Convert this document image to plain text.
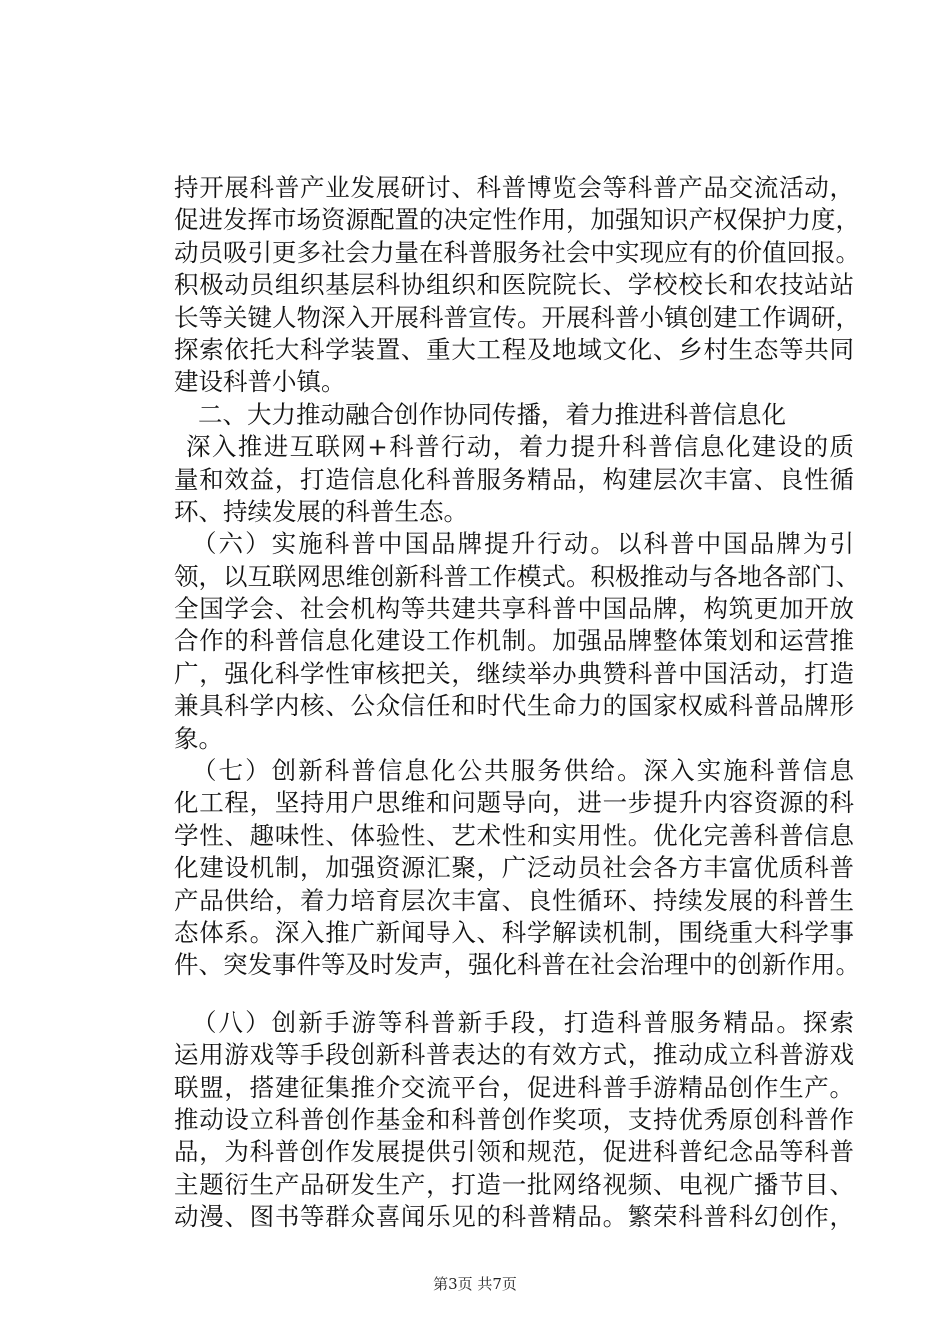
持开展科普产业发展研讨、科普博览会等科普产品交流活动，
促进发挥市场资源配置的决定性作用，加强知识产权保护力度，
动员吸引更多社会力量在科普服务社会中实现应有的价值回报。
积极动员组织基层科协组织和医院院长、学校校长和农技站站
长等关键人物深入开展科普宣传。开展科普小镇创建工作调研，
探索依托大科学装置、重大工程及地域文化、乡村生态等共同
建设科普小镇。
二、大力推动融合创作协同传播，着力推进科普信息化
深入推进互联网+科普行动，着力提升科普信息化建设的质
量和效益，打造信息化科普服务精品，构建层次丰富、良性循
环、持续发展的科普生态。
（六）实施科普中国品牌提升行动。以科普中国品牌为引
领，以互联网思维创新科普工作模式。积极推动与各地各部门、
全国学会、社会机构等共建共享科普中国品牌，构筑更加开放
合作的科普信息化建设工作机制。加强品牌整体策划和运营推
广，强化科学性审核把关，继续举办典赞科普中国活动，打造
兼具科学内核、公众信任和时代生命力的国家权威科普品牌形
象。
（七）创新科普信息化公共服务供给。深入实施科普信息
化工程，坚持用户思维和问题导向，进一步提升内容资源的科
学性、趣味性、体验性、艺术性和实用性。优化完善科普信息
化建设机制，加强资源汇聚，广泛动员社会各方丰富优质科普
产品供给，着力培育层次丰富、良性循环、持续发展的科普生
态体系。深入推广新闻导入、科学解读机制，围绕重大科学事
件、突发事件等及时发声，强化科普在社会治理中的创新作用。
（八）创新手游等科普新手段，打造科普服务精品。探索
运用游戏等手段创新科普表达的有效方式，推动成立科普游戏
联盟，搭建征集推介交流平台，促进科普手游精品创作生产。
推动设立科普创作基金和科普创作奖项，支持优秀原创科普作
品，为科普创作发展提供引领和规范，促进科普纪念品等科普
主题衍生产品研发生产，打造一批网络视频、电视广播节目、
动漫、图书等群众喜闻乐见的科普精品。繁荣科普科幻创作，
第3页 共7页
